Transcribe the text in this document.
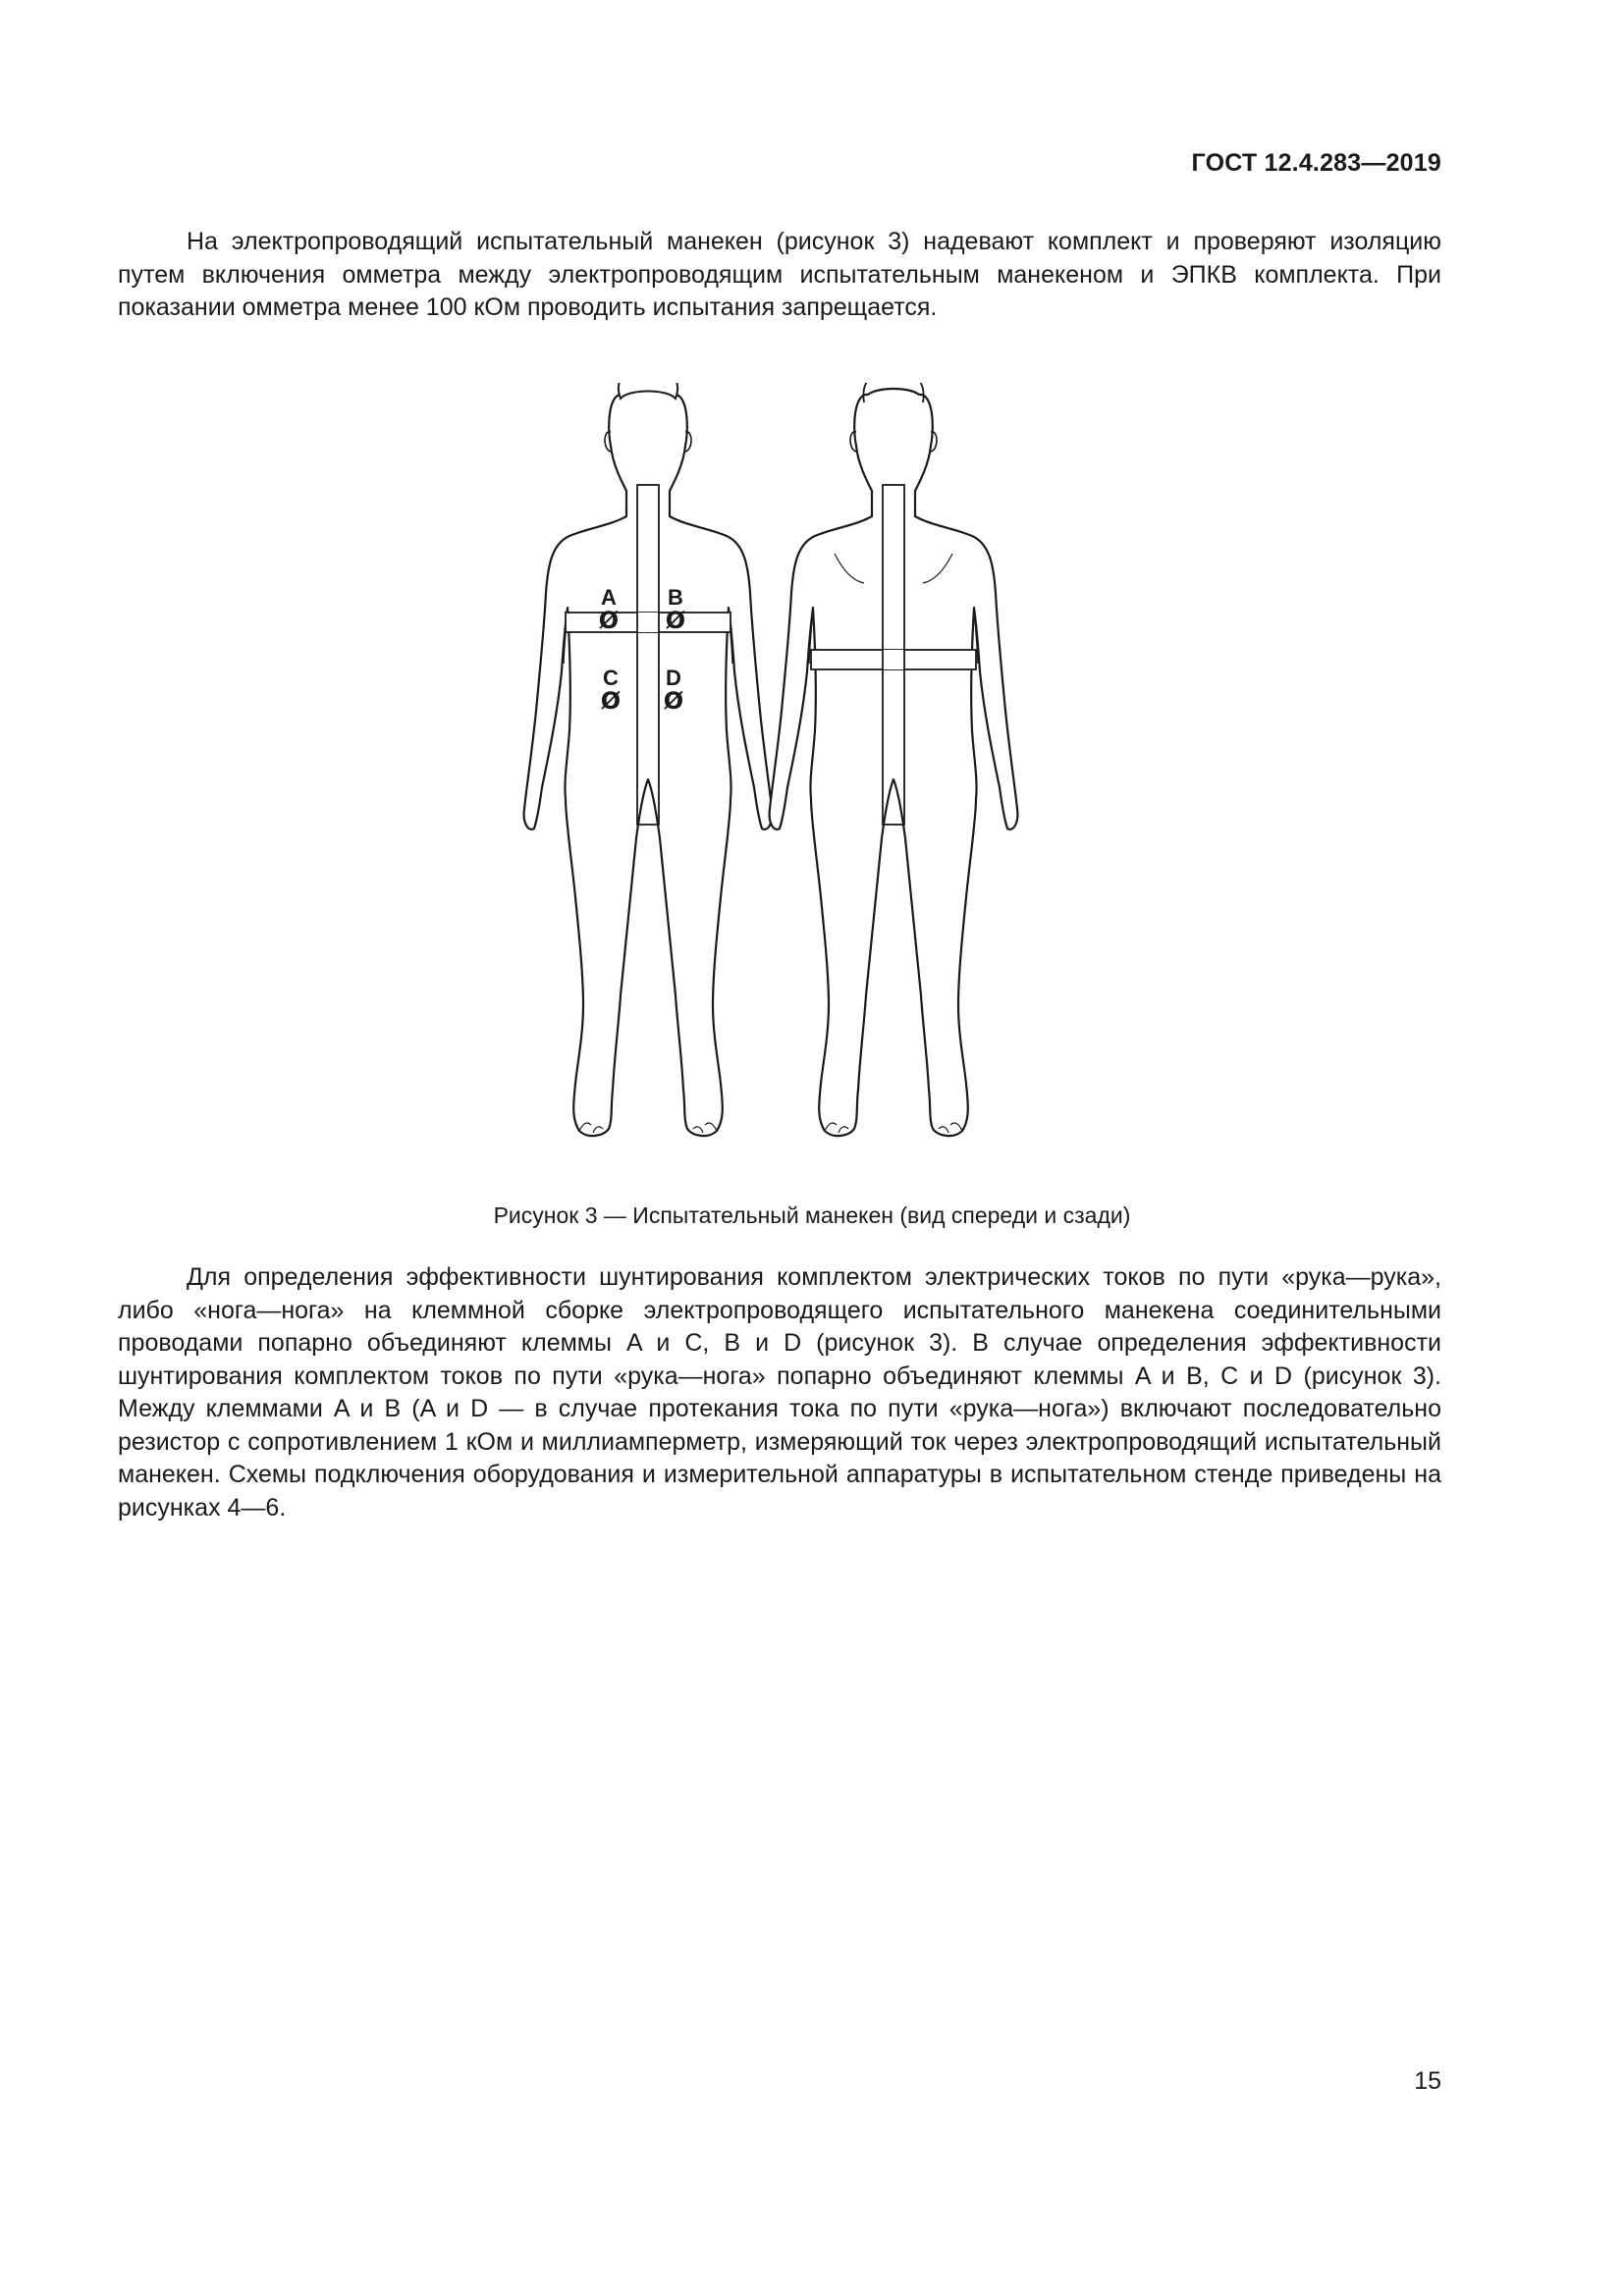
ГОСТ 12.4.283—2019

На электропроводящий испытательный манекен (рисунок 3) надевают комплект и проверяют изоляцию путем включения омметра между электропроводящим испытательным манекеном и ЭПКВ комплекта. При показании омметра менее 100 кОм проводить испытания запрещается.

A
Ø
B
Ø
C
Ø
D
Ø
Рисунок 3 — Испытательный манекен (вид спереди и сзади)

Для определения эффективности шунтирования комплектом электрических токов по пути «рука—рука», либо «нога—нога» на клеммной сборке электропроводящего испытательного манекена соединительными проводами попарно объединяют клеммы A и C, B и D (рисунок 3). В случае определения эффективности шунтирования комплектом токов по пути «рука—нога» попарно объединяют клеммы A и B, C и D (рисунок 3). Между клеммами A и B (A и D — в случае протекания тока по пути «рука—нога») включают последовательно резистор с сопротивлением 1 кОм и миллиамперметр, измеряющий ток через электропроводящий испытательный манекен. Схемы подключения оборудования и измерительной аппаратуры в испытательном стенде приведены на рисунках 4—6.

15
